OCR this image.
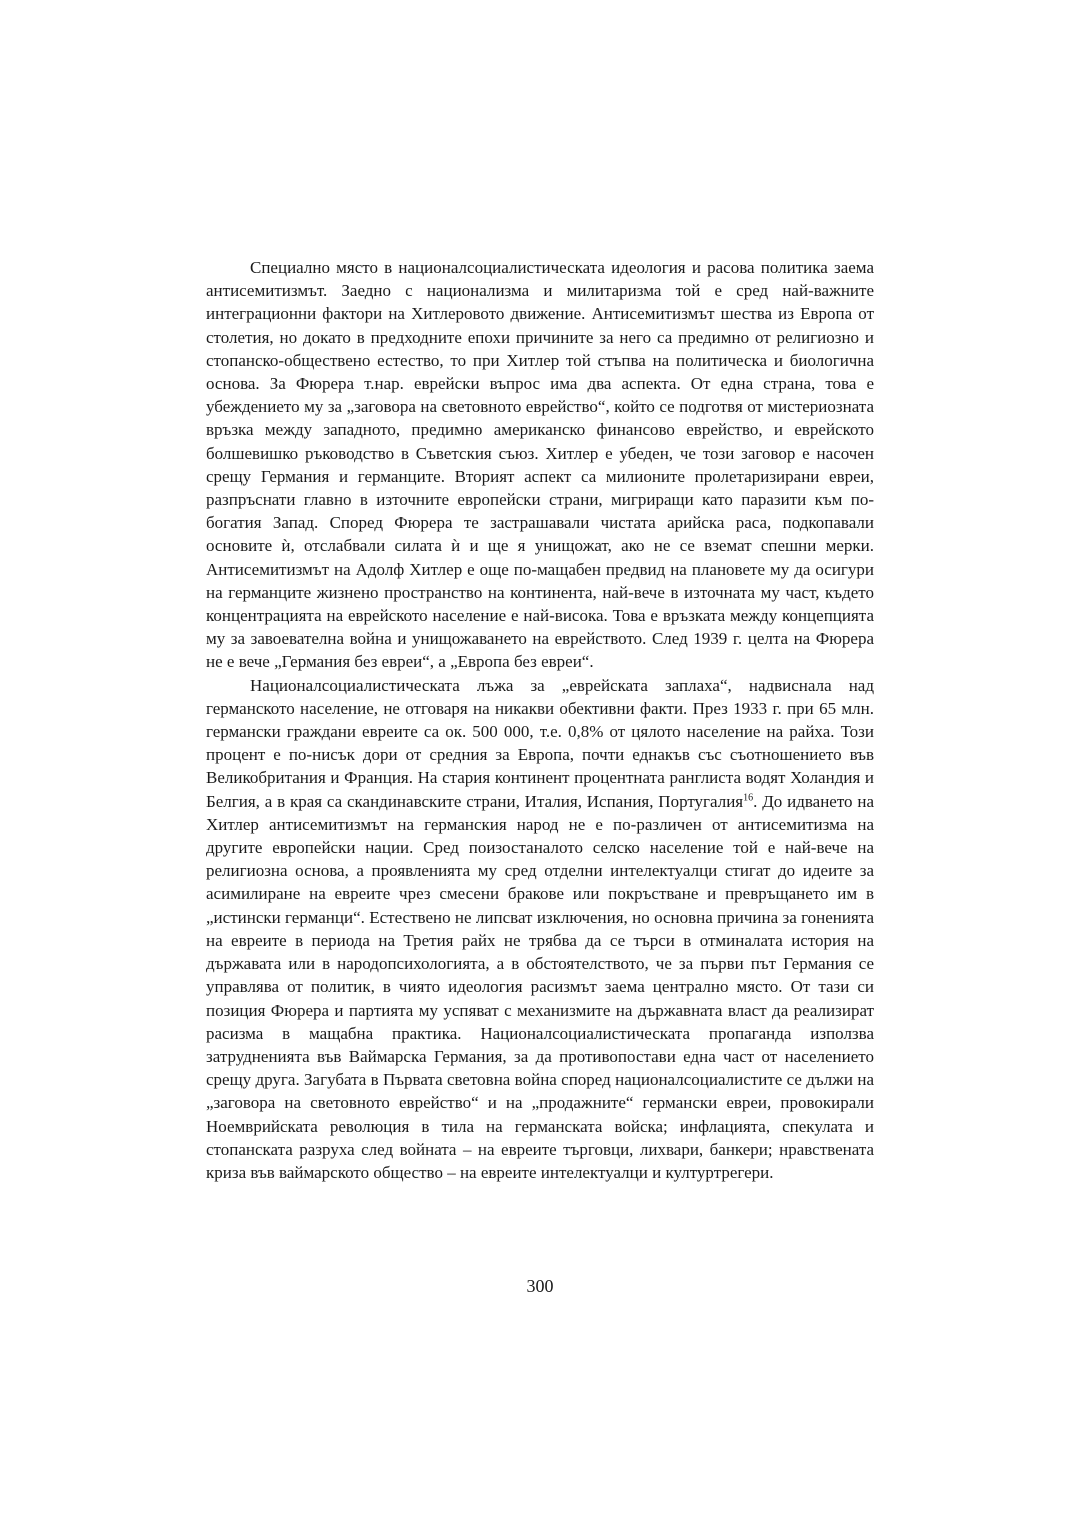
Специално място в националсоциалистическата идеология и расова политика заема антисемитизмът. Заедно с национализма и милитаризма той е сред най-важните интеграционни фактори на Хитлеровото движение. Антисемитизмът шества из Европа от столетия, но докато в предходните епохи причините за него са предимно от религиозно и стопанско-обществено естество, то при Хитлер той стъпва на политическа и биологична основа. За Фюрера т.нар. еврейски въпрос има два аспекта. От една страна, това е убеждението му за „заговора на световното еврейство“, който се подготвя от мистериозната връзка между западното, предимно американско финансово еврейство, и еврейското болшевишко ръководство в Съветския съюз. Хитлер е убеден, че този заговор е насочен срещу Германия и германците. Вторият аспект са милионите пролетаризирани евреи, разпръснати главно в източните европейски страни, мигриращи като паразити към по-богатия Запад. Според Фюрера те застрашавали чистата арийска раса, подкопавали основите ѝ, отслабвали силата ѝ и ще я унищожат, ако не се вземат спешни мерки. Антисемитизмът на Адолф Хитлер е още по-мащабен предвид на плановете му да осигури на германците жизнено пространство на континента, най-вече в източната му част, където концентрацията на еврейското население е най-висока. Това е връзката между концепцията му за завоевателна война и унищожаването на еврейството. След 1939 г. целта на Фюрера не е вече „Германия без евреи“, а „Европа без евреи“.

Националсоциалистическата лъжа за „еврейската заплаха“, надвиснала над германското население, не отговаря на никакви обективни факти. През 1933 г. при 65 млн. германски граждани евреите са ок. 500 000, т.е. 0,8% от цялото население на райха. Този процент е по-нисък дори от средния за Европа, почти еднакъв със съотношението във Великобритания и Франция. На стария континент процентната ранглиста водят Холандия и Белгия, а в края са скандинавските страни, Италия, Испания, Португалия$^{16}$. До идването на Хитлер антисемитизмът на германския народ не е по-различен от антисемитизма на другите европейски нации. Сред поизостаналото селско население той е най-вече на религиозна основа, а проявленията му сред отделни интелектуалци стигат до идеите за асимилиране на евреите чрез смесени бракове или покръстване и превръщането им в „истински германци“. Естествено не липсват изключения, но основна причина за гоненията на евреите в периода на Третия райх не трябва да се търси в отминалата история на държавата или в народопсихологията, а в обстоятелството, че за първи път Германия се управлява от политик, в чиято идеология расизмът заема централно място. От тази си позиция Фюрера и партията му успяват с механизмите на държавната власт да реализират расизма в мащабна практика. Националсоциалистическата пропаганда използва затрудненията във Ваймарска Германия, за да противопостави една част от населението срещу друга. Загубата в Първата световна война според националсоциалистите се дължи на „заговора на световното еврейство“ и на „продажните“ германски евреи, провокирали Ноемврийската революция в тила на германската войска; инфлацията, спекулата и стопанската разруха след войната – на евреите търговци, лихвари, банкери; нравствената криза във ваймарското общество – на евреите интелектуалци и културтрегери.

300
